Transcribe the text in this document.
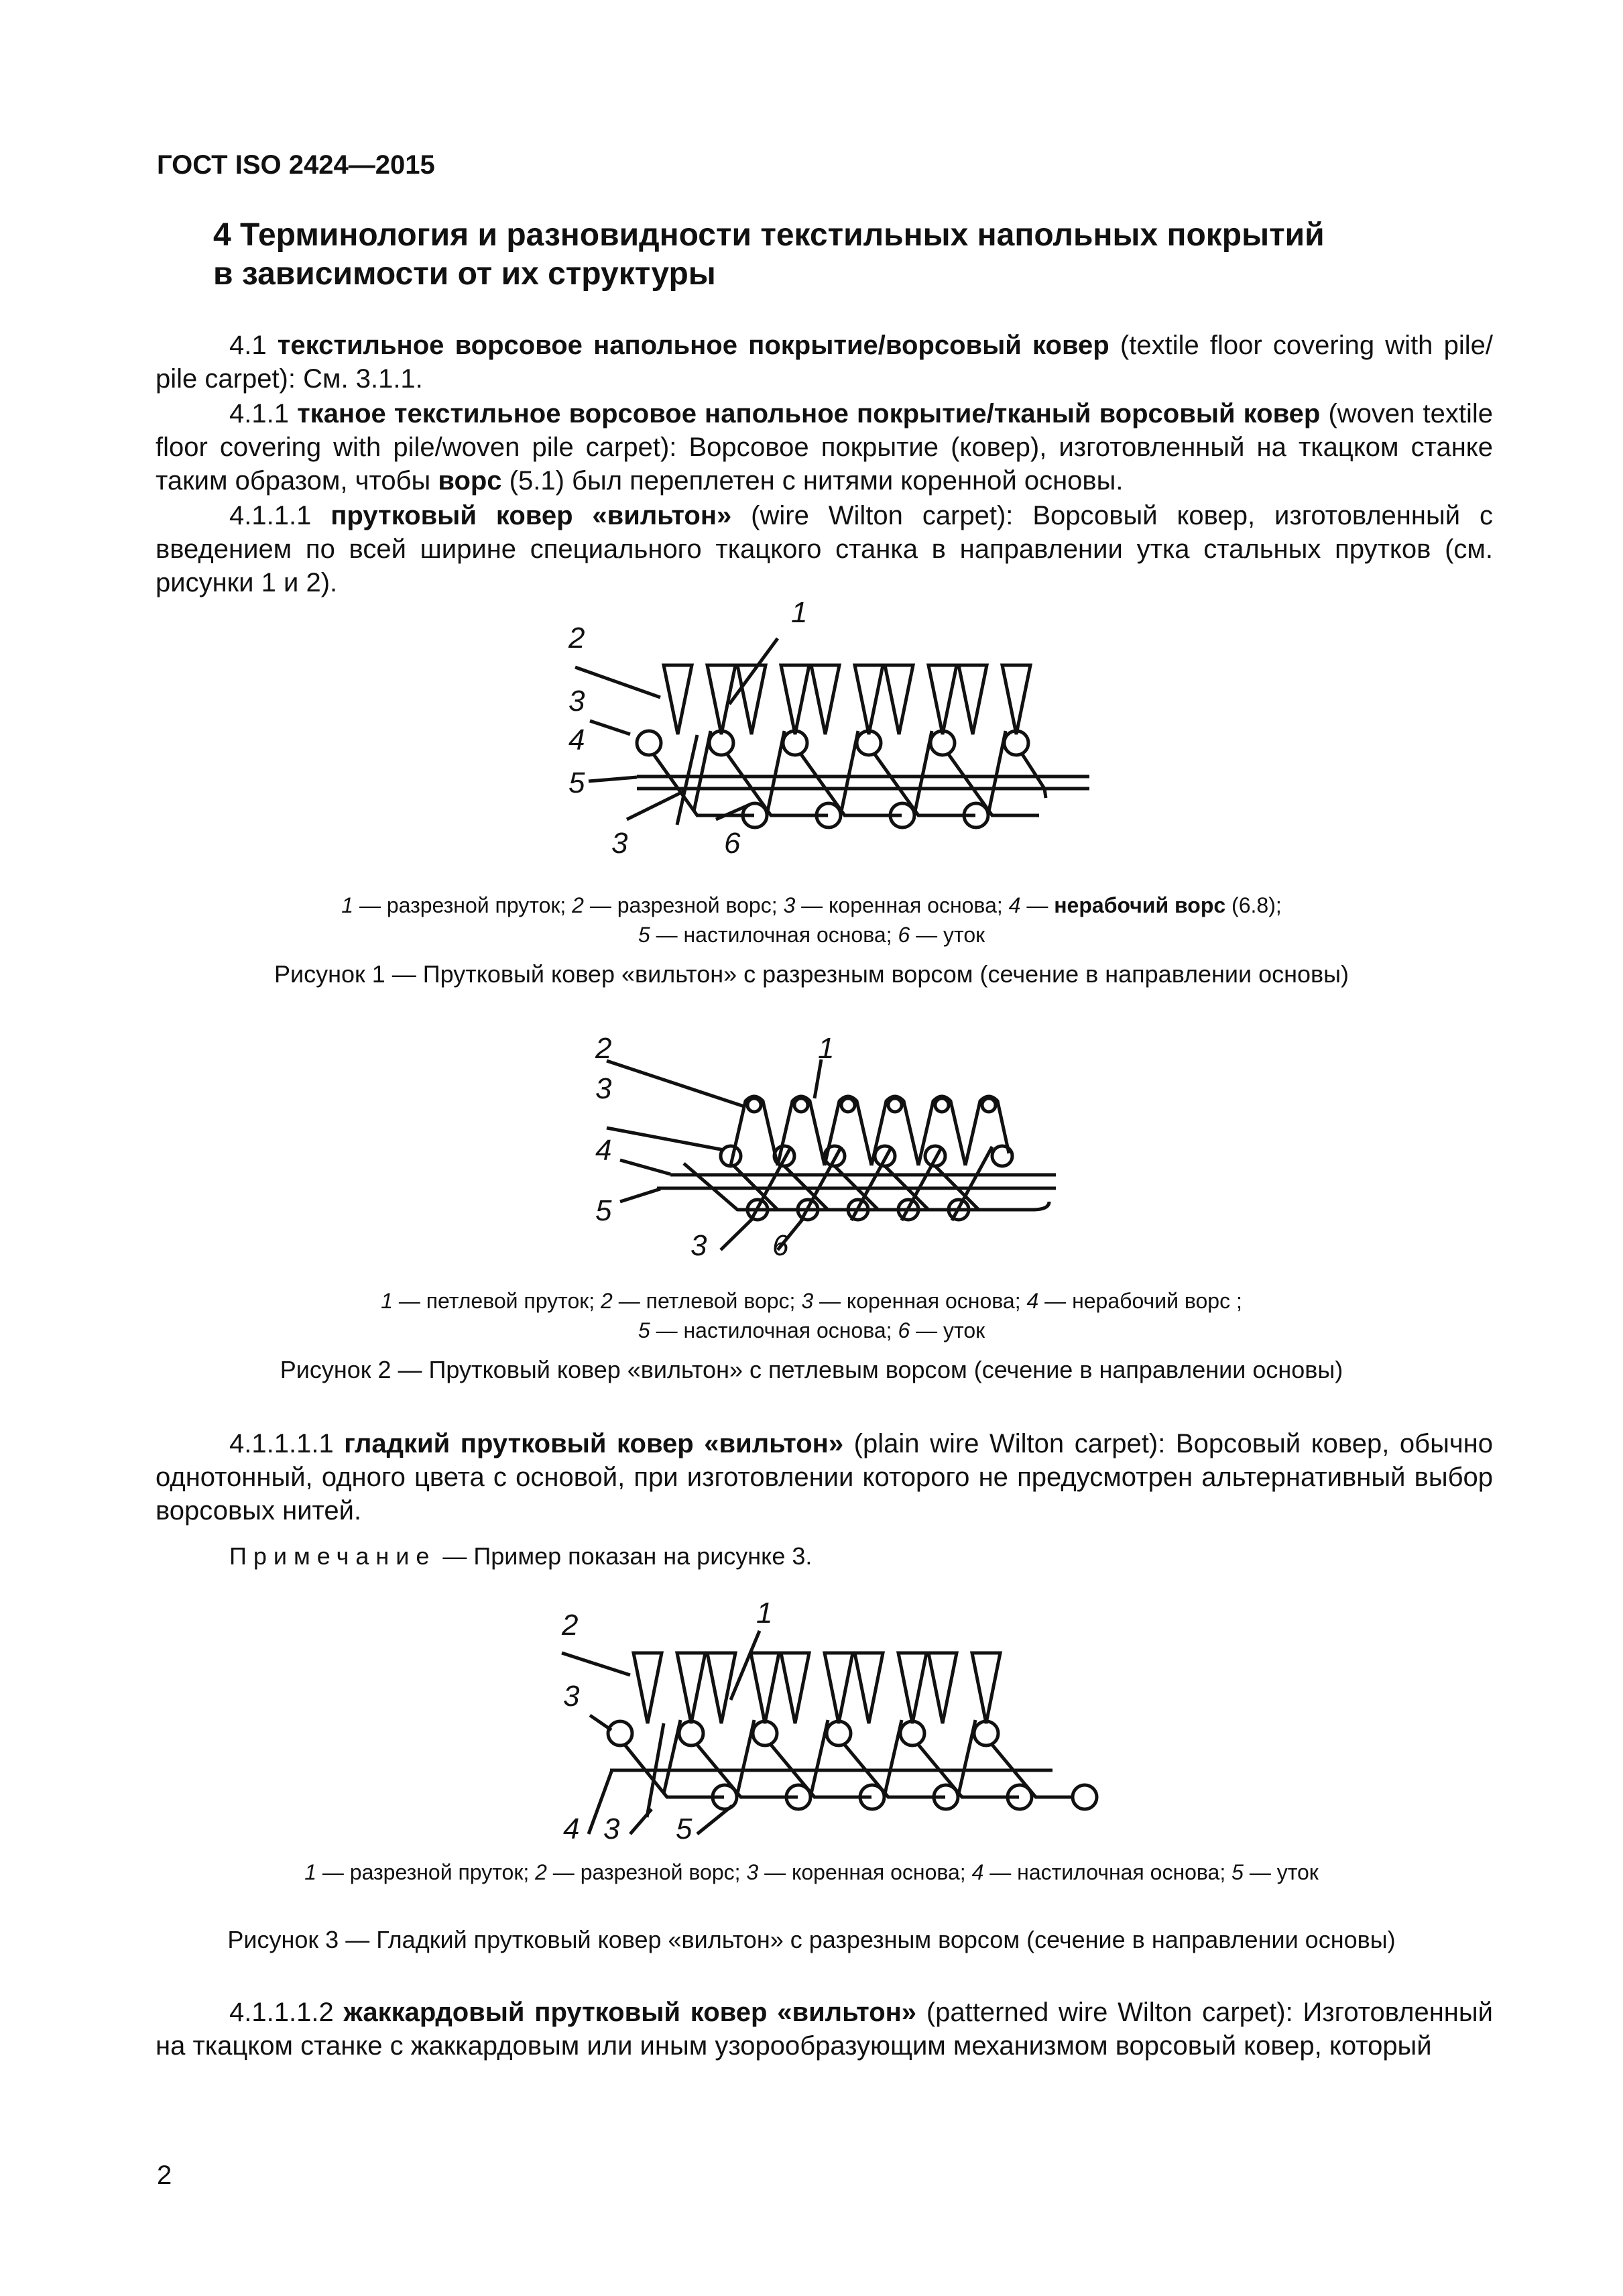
ГОСТ ISO 2424—2015
4 Терминология и разновидности текстильных напольных покрытий
в зависимости от их структуры

4.1 текстильное ворсовое напольное покрытие/ворсовый ковер (textile floor covering with pile/ pile carpet): См. 3.1.1.

4.1.1 тканое текстильное ворсовое напольное покрытие/тканый ворсовый ковер (woven textile floor covering with pile/woven pile carpet): Ворсовое покрытие (ковер), изготовленный на ткацком станке таким образом, чтобы ворс (5.1) был переплетен с нитями коренной основы.

4.1.1.1 прутковый ковер «вильтон» (wire Wilton carpet): Ворсовый ковер, изготовленный с введением по всей ширине специального ткацкого станка в направлении утка стальных прутков (см. рисунки 1 и 2).

2
1
3
4
5
3	6
1 — разрезной пруток; 2 — разрезной ворс; 3 — коренная основа; 4 — нерабочий ворс (6.8);
5 — настилочная основа; 6 — уток
Рисунок 1 — Прутковый ковер «вильтон» с разрезным ворсом (сечение в направлении основы)
2	1
3
4
5
3 6
1 — петлевой пруток; 2 — петлевой ворс; 3 — коренная основа; 4 — нерабочий ворс ;
5 — настилочная основа; 6 — уток
Рисунок 2 — Прутковый ковер «вильтон» с петлевым ворсом (сечение в направлении основы)

4.1.1.1.1 гладкий прутковый ковер «вильтон» (plain wire Wilton carpet): Ворсовый ковер, обычно однотонный, одного цвета с основой, при изготовлении которого не предусмотрен альтернативный выбор ворсовых нитей.

Примечание — Пример показан на рисунке 3.
2	1
3
4 3 5
1 — разрезной пруток; 2 — разрезной ворс; 3 — коренная основа; 4 — настилочная основа; 5 — уток
Рисунок 3 — Гладкий прутковый ковер «вильтон» с разрезным ворсом (сечение в направлении основы)

4.1.1.1.2 жаккардовый прутковый ковер «вильтон» (patterned wire Wilton carpet): Изготовленный на ткацком станке с жаккардовым или иным узорообразующим механизмом ворсовый ковер, который

2
